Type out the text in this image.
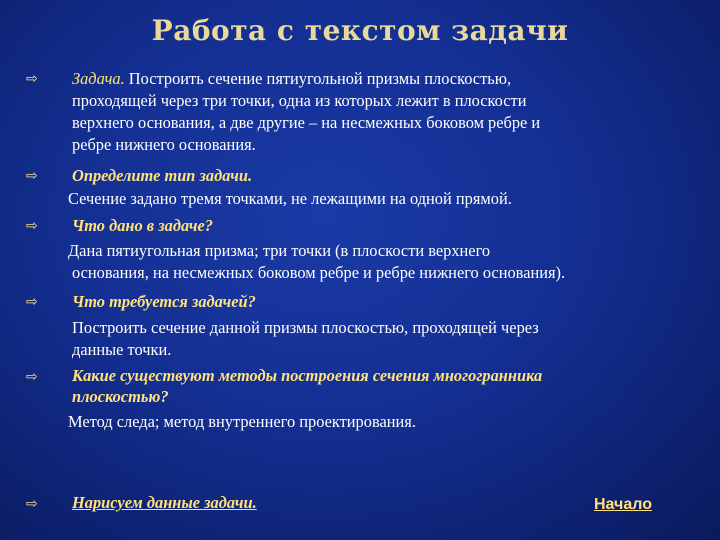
Работа с текстом задачи
⇨ Задача. Построить сечение пятиугольной призмы плоскостью,
проходящей через три точки, одна из которых лежит в плоскости
верхнего основания, а две другие – на несмежных боковом ребре и
ребре нижнего основания.
⇨ Определите тип задачи.
Сечение задано тремя точками, не лежащими на одной прямой.
⇨ Что дано в задаче?
Дана пятиугольная призма; три точки (в плоскости верхнего
основания, на несмежных боковом ребре и ребре нижнего основания).
⇨ Что требуется задачей?
Построить сечение данной призмы плоскостью, проходящей через
данные точки.
⇨ Какие существуют методы построения сечения многогранника
плоскостью?
Метод следа; метод внутреннего проектирования.
⇨ Нарисуем данные задачи.	Начало
